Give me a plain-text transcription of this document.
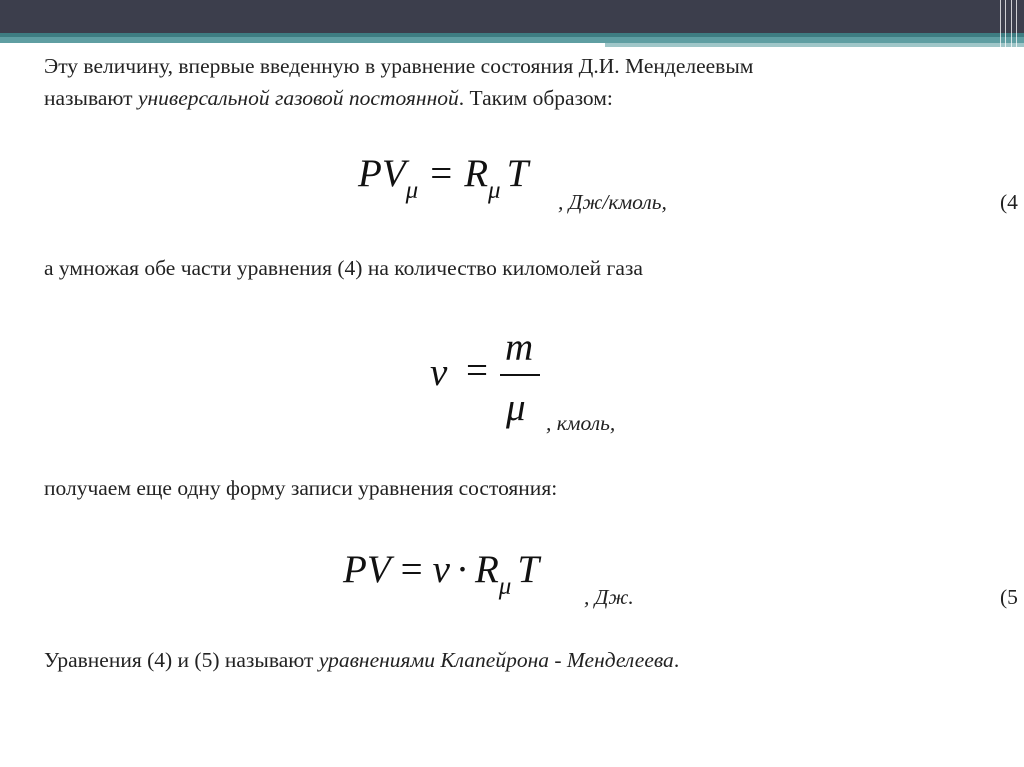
Эту величину, впервые введенную в уравнение состояния Д.И. Менделеевым
называют универсальной газовой постоянной. Таким образом:
PVμ = Rμ T
, Дж/кмоль,	(4
а умножая обе части уравнения (4) на количество киломолей газа
ν =
m
μ , кмоль,
получаем еще одну форму записи уравнения состояния:
PV = ν · Rμ T
, Дж.	(5
Уравнения (4) и (5) называют уравнениями Клапейрона - Менделеева.
